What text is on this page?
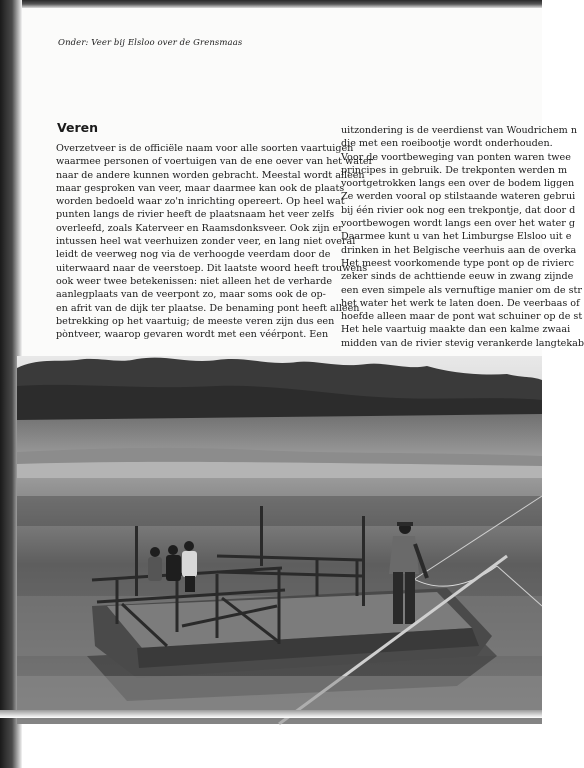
Onder: Veer bij Elsloo over de Grensmaas
Veren
Overzetveer is de officiële naam voor alle soorten vaartuigen
waarmee personen of voertuigen van de ene oever van het water
naar de andere kunnen worden gebracht. Meestal wordt alleen
maar gesproken van veer, maar daarmee kan ook de plaats
worden bedoeld waar zo'n inrichting opereert. Op heel wat
punten langs de rivier heeft de plaatsnaam het veer zelfs
overleefd, zoals Katerveer en Raamsdonksveer. Ook zijn er
intussen heel wat veerhuizen zonder veer, en lang niet overal
leidt de veerweg nog via de verhoogde veerdam door de
uiterwaard naar de veerstoep. Dit laatste woord heeft trouwens
ook weer twee betekenissen: niet alleen het de verharde
aanlegplaats van de veerpont zo, maar soms ook de op-
en afrit van de dijk ter plaatse. De benaming pont heeft alleen
betrekking op het vaartuig; de meeste veren zijn dus een
pòntveer, waarop gevaren wordt met een véérpont. Een
uitzondering is de veerdienst van Woudrichem n
die met een roeibootje wordt onderhouden.
Voor de voortbeweging van ponten waren twee
principes in gebruik. De trekponten werden m
voortgetrokken langs een over de bodem liggen
Ze werden vooral op stilstaande wateren gebrui
bij één rivier ook nog een trekpontje, dat door d
voortbewogen wordt langs een over het water g
Daarmee kunt u van het Limburgse Elsloo uit e
drinken in het Belgische veerhuis aan de overka
Het meest voorkomende type pont op de rivierc
zeker sinds de achttiende eeuw in zwang zijnde
een even simpele als vernuftige manier om de str
het water het werk te laten doen. De veerbaas of
hoefde alleen maar de pont wat schuiner op de st
Het hele vaartuig maakte dan een kalme zwaai
midden van de rivier stevig verankerde langtekab
